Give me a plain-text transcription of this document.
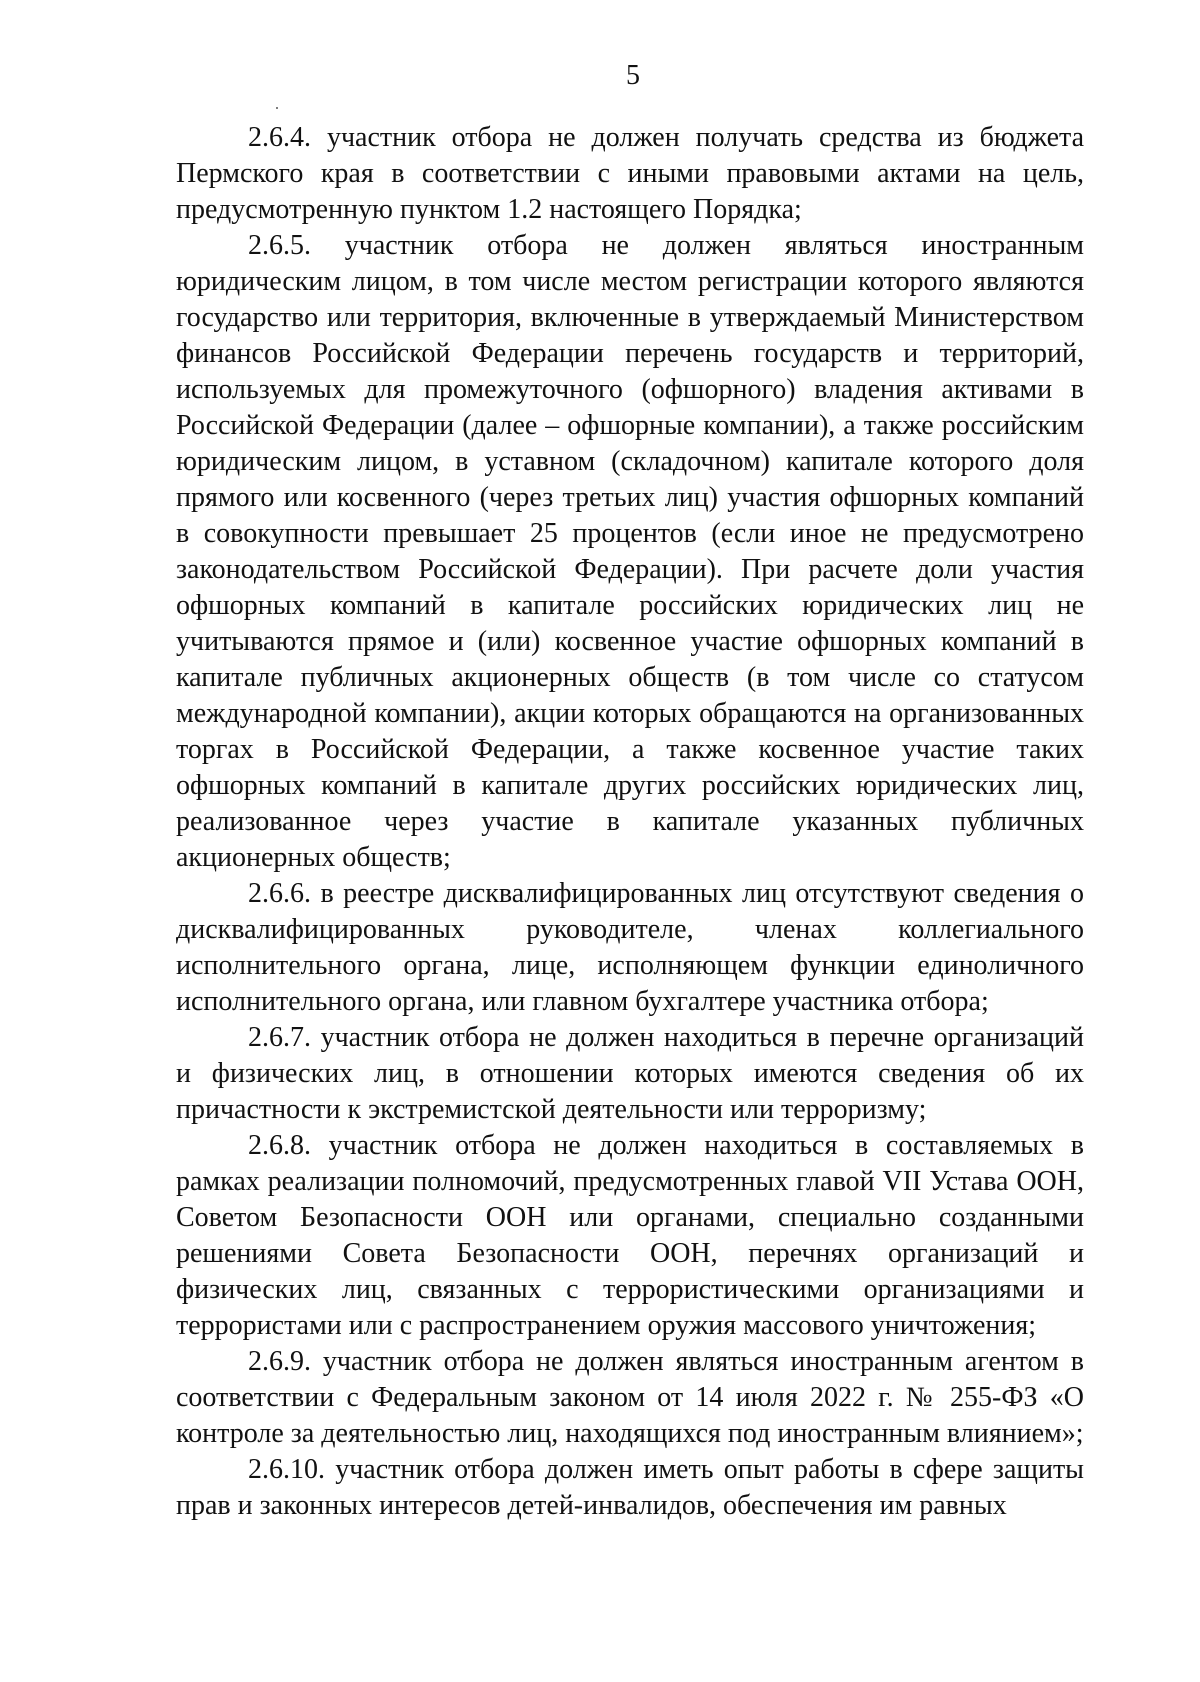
5

2.6.4. участник отбора не должен получать средства из бюджета Пермского края в соответствии с иными правовыми актами на цель, предусмотренную пунктом 1.2 настоящего Порядка;

2.6.5. участник отбора не должен являться иностранным юридическим лицом, в том числе местом регистрации которого являются государство или территория, включенные в утверждаемый Министерством финансов Российской Федерации перечень государств и территорий, используемых для промежуточного (офшорного) владения активами в Российской Федерации (далее – офшорные компании), а также российским юридическим лицом, в уставном (складочном) капитале которого доля прямого или косвенного (через третьих лиц) участия офшорных компаний в совокупности превышает 25 процентов (если иное не предусмотрено законодательством Российской Федерации). При расчете доли участия офшорных компаний в капитале российских юридических лиц не учитываются прямое и (или) косвенное участие офшорных компаний в капитале публичных акционерных обществ (в том числе со статусом международной компании), акции которых обращаются на организованных торгах в Российской Федерации, а также косвенное участие таких офшорных компаний в капитале других российских юридических лиц, реализованное через участие в капитале указанных публичных акционерных обществ;

2.6.6. в реестре дисквалифицированных лиц отсутствуют сведения о дисквалифицированных руководителе, членах коллегиального исполнительного органа, лице, исполняющем функции единоличного исполнительного органа, или главном бухгалтере участника отбора;

2.6.7. участник отбора не должен находиться в перечне организаций и физических лиц, в отношении которых имеются сведения об их причастности к экстремистской деятельности или терроризму;

2.6.8. участник отбора не должен находиться в составляемых в рамках реализации полномочий, предусмотренных главой VII Устава ООН, Советом Безопасности ООН или органами, специально созданными решениями Совета Безопасности ООН, перечнях организаций и физических лиц, связанных с террористическими организациями и террористами или с распространением оружия массового уничтожения;

2.6.9. участник отбора не должен являться иностранным агентом в соответствии с Федеральным законом от 14 июля 2022 г. № 255-ФЗ «О контроле за деятельностью лиц, находящихся под иностранным влиянием»;

2.6.10. участник отбора должен иметь опыт работы в сфере защиты прав и законных интересов детей-инвалидов, обеспечения им равных
